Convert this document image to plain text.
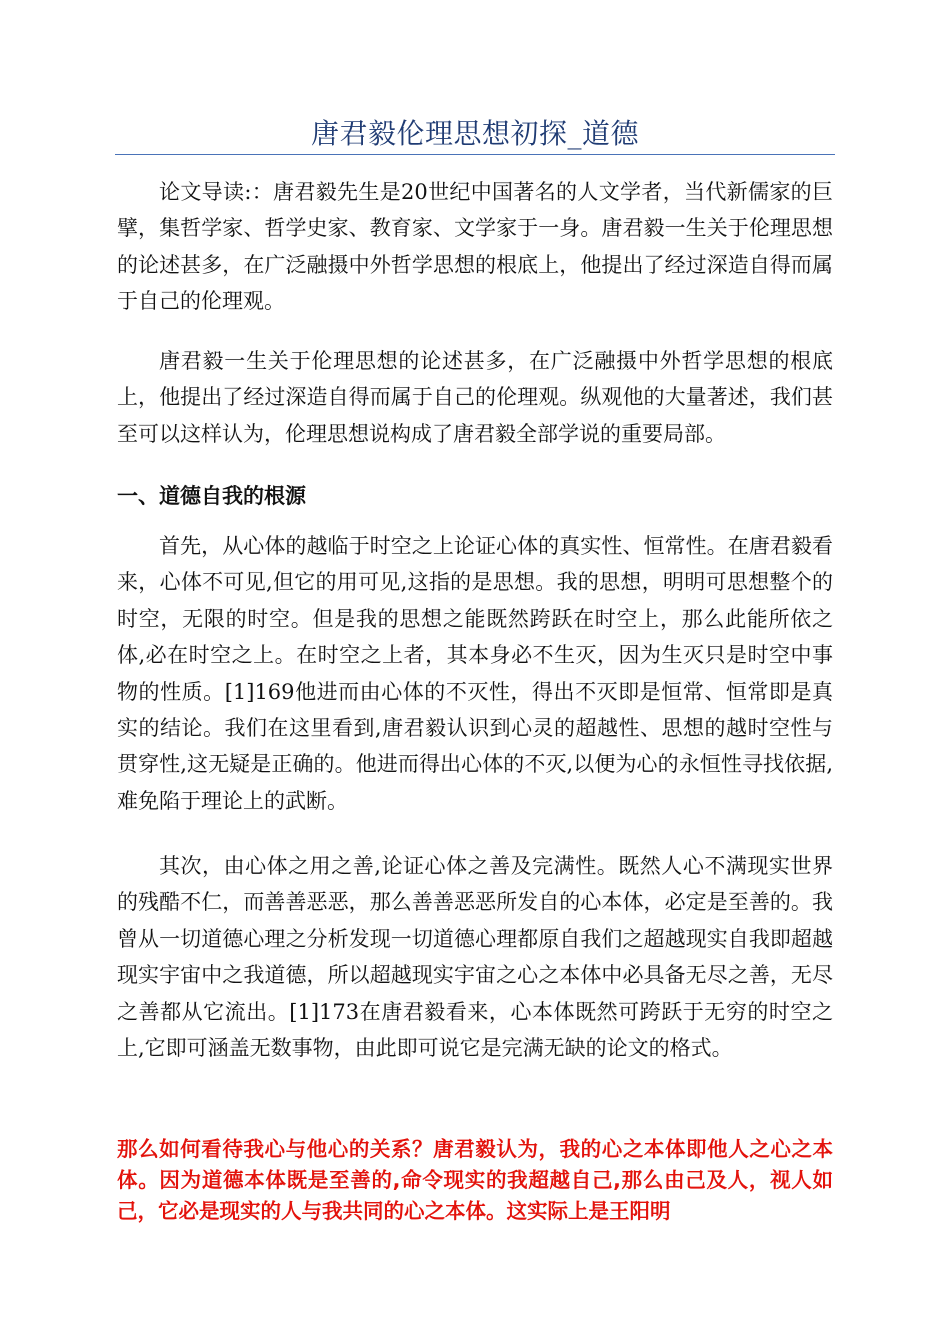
唐君毅伦理思想初探_道德

论文导读:：唐君毅先生是20世纪中国著名的人文学者，当代新儒家的巨擘，集哲学家、哲学史家、教育家、文学家于一身。唐君毅一生关于伦理思想的论述甚多，在广泛融摄中外哲学思想的根底上，他提出了经过深造自得而属于自己的伦理观。

唐君毅一生关于伦理思想的论述甚多，在广泛融摄中外哲学思想的根底上，他提出了经过深造自得而属于自己的伦理观。纵观他的大量著述，我们甚至可以这样认为，伦理思想说构成了唐君毅全部学说的重要局部。

一、道德自我的根源

首先，从心体的越临于时空之上论证心体的真实性、恒常性。在唐君毅看来，心体不可见,但它的用可见,这指的是思想。我的思想，明明可思想整个的时空，无限的时空。但是我的思想之能既然跨跃在时空上，那么此能所依之体,必在时空之上。在时空之上者，其本身必不生灭，因为生灭只是时空中事物的性质。[1]169他进而由心体的不灭性，得出不灭即是恒常、恒常即是真实的结论。我们在这里看到,唐君毅认识到心灵的超越性、思想的越时空性与贯穿性,这无疑是正确的。他进而得出心体的不灭,以便为心的永恒性寻找依据,难免陷于理论上的武断。

其次，由心体之用之善,论证心体之善及完满性。既然人心不满现实世界的残酷不仁，而善善恶恶，那么善善恶恶所发自的心本体，必定是至善的。我曾从一切道德心理之分析发现一切道德心理都原自我们之超越现实自我即超越现实宇宙中之我道德，所以超越现实宇宙之心之本体中必具备无尽之善，无尽之善都从它流出。[1]173在唐君毅看来，心本体既然可跨跃于无穷的时空之上,它即可涵盖无数事物，由此即可说它是完满无缺的论文的格式。

那么如何看待我心与他心的关系？唐君毅认为，我的心之本体即他人之心之本体。因为道德本体既是至善的,命令现实的我超越自己,那么由己及人，视人如己，它必是现实的人与我共同的心之本体。这实际上是王阳明
